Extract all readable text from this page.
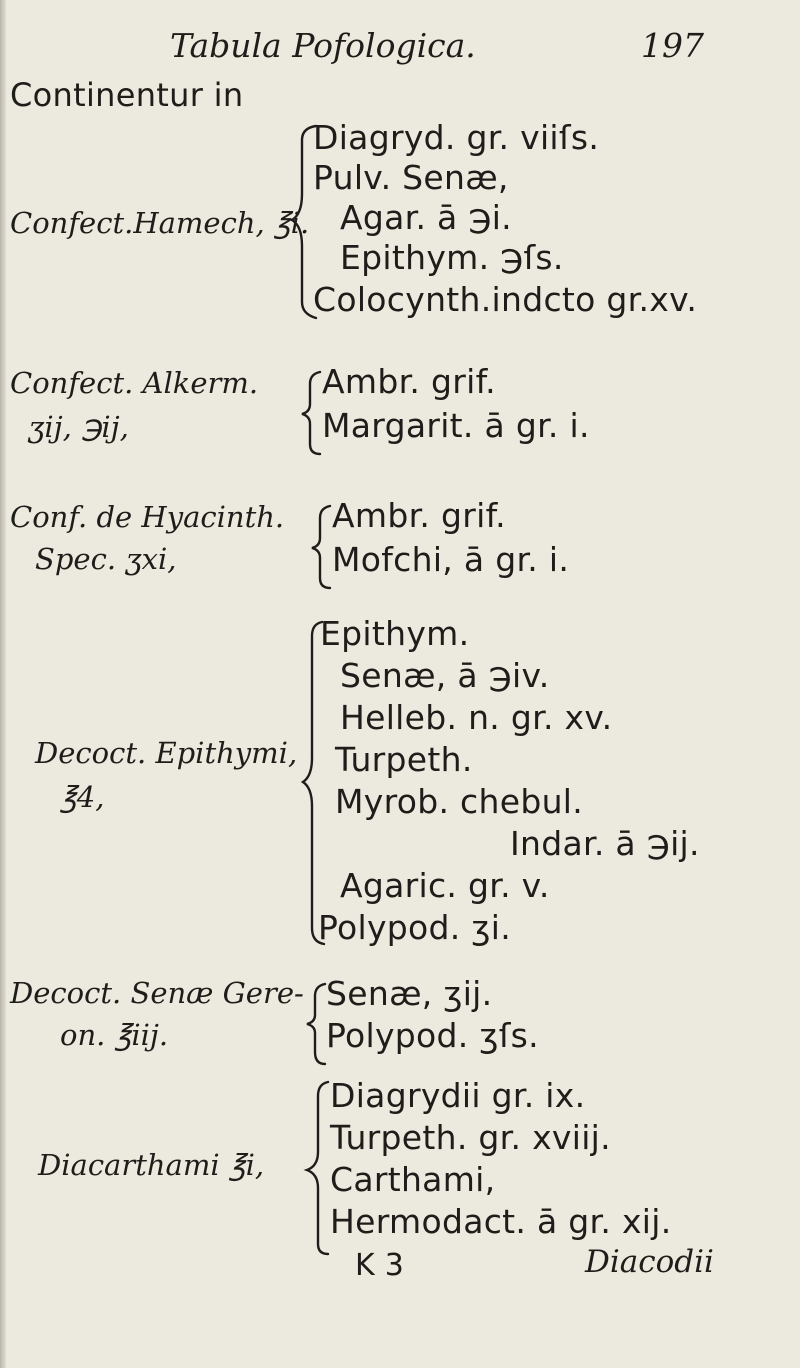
Tabula Pofologica.	197
Continentur in
Confect.Hamech, ℥i.
Diagryd. gr. viiſs.
Pulv. Senæ,
Agar. ā ℈i.
Epithym. ℈ſs.
Colocynth.indcto gr.xv.
Confect. Alkerm.
ʒij, ℈ij,
Ambr. grif.
Margarit. ā gr. i.
Conf. de Hyacinth.
Spec. ʒxi,
Ambr. grif.
Mofchi, ā gr. i.
Decoct. Epithymi,
℥4,
Epithym.
Senæ, ā ℈iv.
Helleb. n. gr. xv.
Turpeth.
Myrob. chebul.
Indar. ā ℈ij.
Agaric. gr. v.
Polypod. ʒi.
Decoct. Senæ Gere-
on. ℥iij.
Senæ, ʒij.
Polypod. ʒſs.
Diacarthami ℥i,
Diagrydii gr. ix.
Turpeth. gr. xviij.
Carthami,
Hermodact. ā gr. xij.
K 3	Diacodii
